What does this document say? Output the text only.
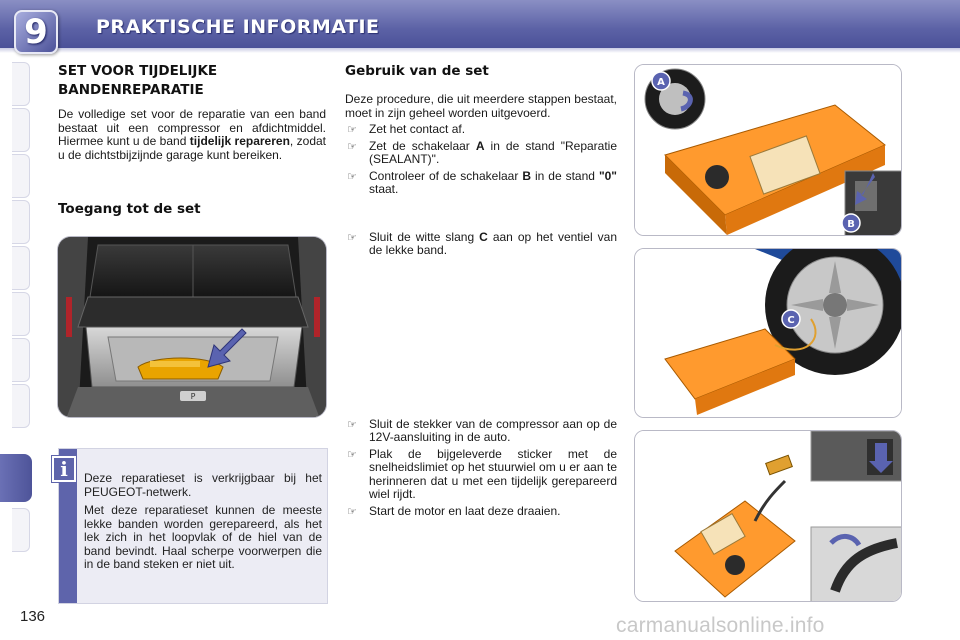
9	PRAKTISCHE INFORMATIE
SET VOOR TIJDELIJKE BANDENREPARATIE

De volledige set voor de reparatie van een band bestaat uit een compressor en afdichtmiddel. Hiermee kunt u de band tijdelijk repareren, zodat u de dichtstbijzijnde garage kunt bereiken.

Toegang tot de set
P
i	Deze reparatieset is verkrijgbaar bij het PEUGEOT-netwerk.

Met deze reparatieset kunnen de meeste lekke banden worden gerepareerd, als het lek zich in het loopvlak of de hiel van de band bevindt. Haal scherpe voorwerpen die in de band steken er niet uit.

Gebruik van de set

Deze procedure, die uit meerdere stappen bestaat, moet in zijn geheel worden uitgevoerd.

☞ Zet het contact af.
☞ Zet de schakelaar A in de stand "Reparatie (SEALANT)".
☞ Controleer of de schakelaar B in de stand "0" staat.
☞ Sluit de witte slang C aan op het ventiel van de lekke band.
☞ Sluit de stekker van de compressor aan op de 12V-aansluiting in de auto.
☞ Plak de bijgeleverde sticker met de snelheidslimiet op het stuurwiel om u er aan te herinneren dat u met een tijdelijk gerepareerd wiel rijdt.
☞ Start de motor en laat deze draaien.
A
B
C
136	carmanualsonline.info
